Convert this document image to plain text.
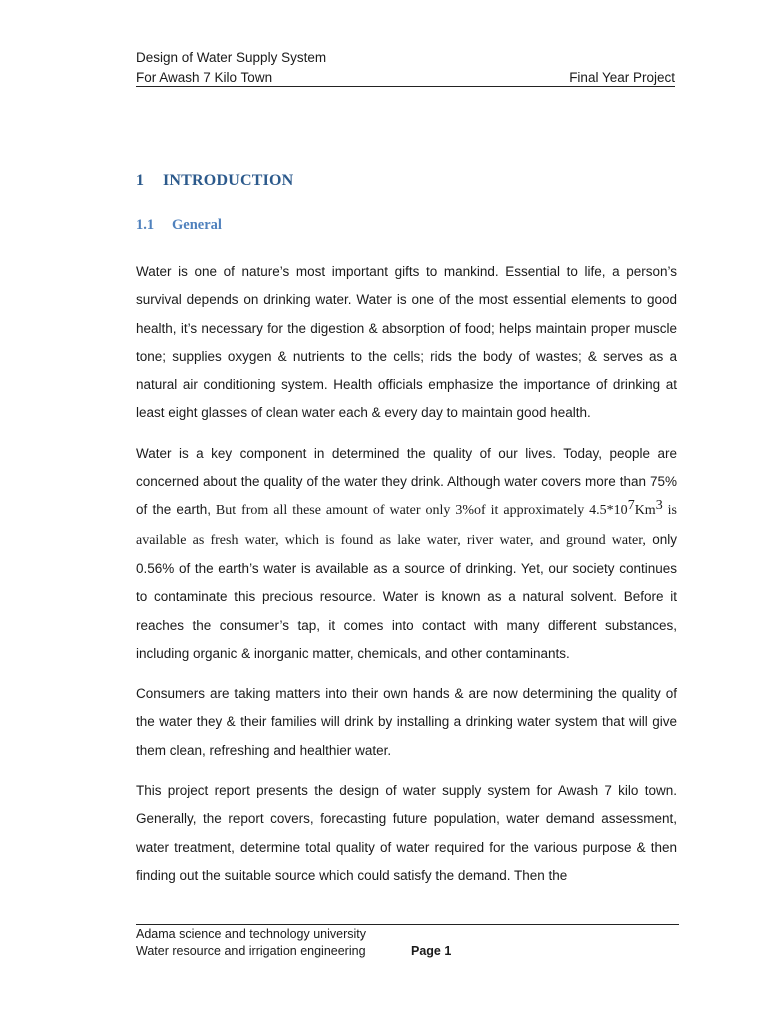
Design of Water Supply System
For Awash 7 Kilo Town	Final Year Project
1 INTRODUCTION
1.1 General

Water is one of nature’s most important gifts to mankind. Essential to life, a person’s survival depends on drinking water. Water is one of the most essential elements to good health, it’s necessary for the digestion & absorption of food; helps maintain proper muscle tone; supplies oxygen & nutrients to the cells; rids the body of wastes; & serves as a natural air conditioning system. Health officials emphasize the importance of drinking at least eight glasses of clean water each & every day to maintain good health.

Water is a key component in determined the quality of our lives. Today, people are concerned about the quality of the water they drink. Although water covers more than 75% of the earth, But from all these amount of water only 3%of it approximately $4.5*10^7Km^3$ is available as fresh water, which is found as lake water, river water, and ground water, only 0.56% of the earth’s water is available as a source of drinking. Yet, our society continues to contaminate this precious resource. Water is known as a natural solvent. Before it reaches the consumer’s tap, it comes into contact with many different substances, including organic & inorganic matter, chemicals, and other contaminants.

Consumers are taking matters into their own hands & are now determining the quality of the water they & their families will drink by installing a drinking water system that will give them clean, refreshing and healthier water.

This project report presents the design of water supply system for Awash 7 kilo town. Generally, the report covers, forecasting future population, water demand assessment, water treatment, determine total quality of water required for the various purpose & then finding out the suitable source which could satisfy the demand. Then the

Adama science and technology university
Water resource and irrigation engineering	Page 1
